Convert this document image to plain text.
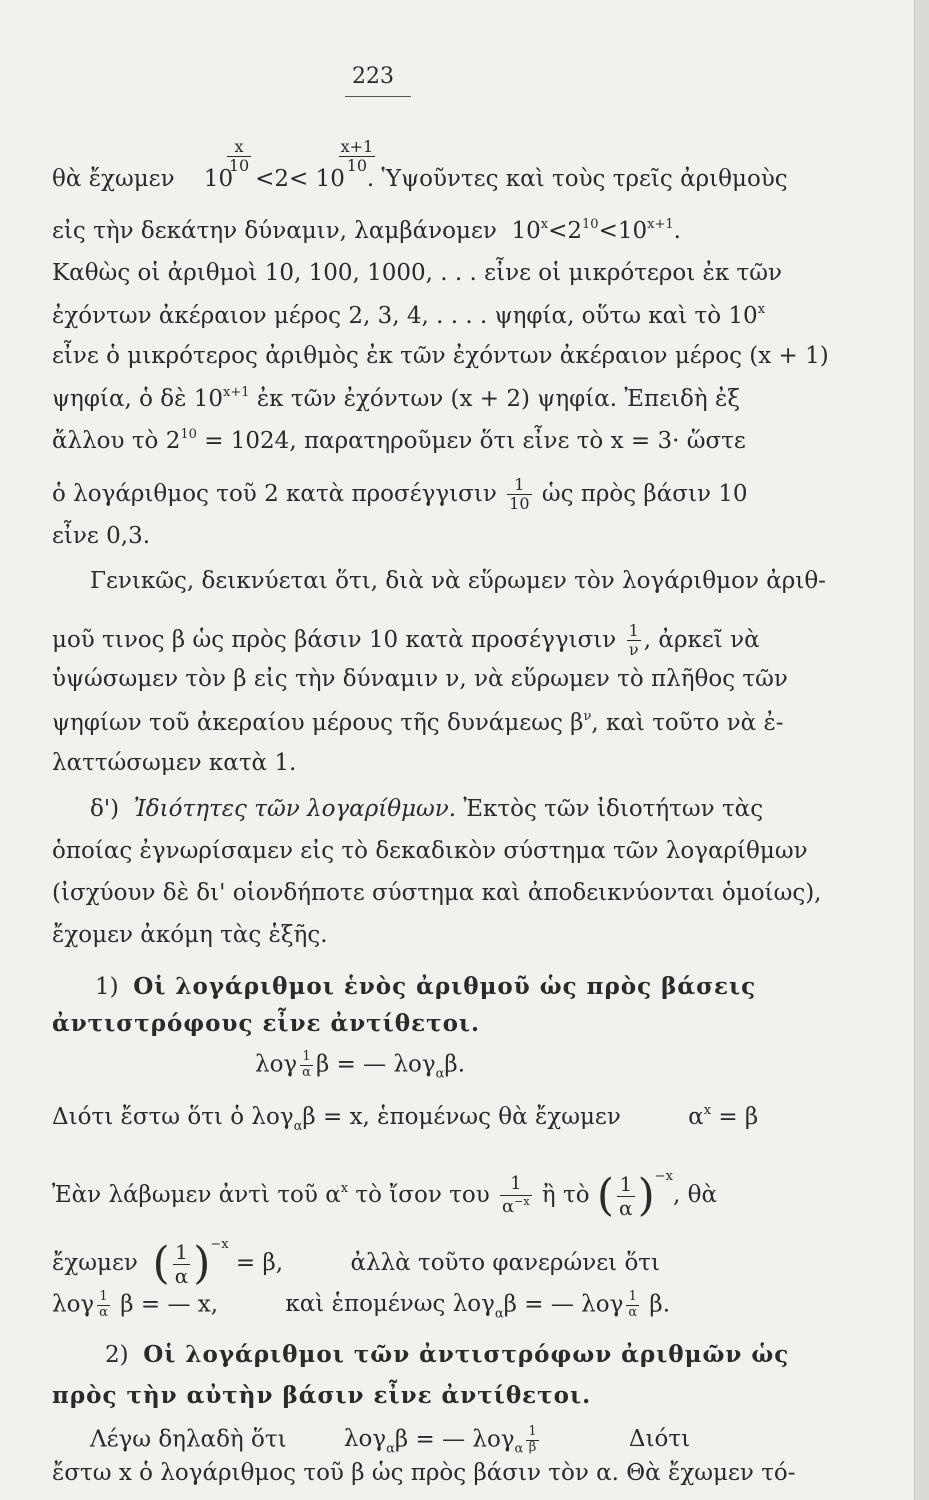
223
θὰ ἔχωμεν 10
$\frac{x}{10}$
<2< 10
$\frac{x+1}{10}$
. Ὑψοῦντες καὶ τοὺς τρεῖς ἀριθμοὺς
εἰς τὴν δεκάτην δύναμιν, λαμβάνομεν $10^x<2^{10}<10^{x+1}$.
Καθὼς οἱ ἀριθμοὶ 10, 100, 1000, . . . εἶνε οἱ μικρότεροι ἐκ τῶν
ἐχόντων ἀκέραιον μέρος 2, 3, 4, . . . . ψηφία, οὕτω καὶ τὸ 10$^x$
εἶνε ὁ μικρότερος ἀριθμὸς ἐκ τῶν ἐχόντων ἀκέραιον μέρος (x + 1)
ψηφία, ὁ δὲ $10^{x+1}$ ἐκ τῶν ἐχόντων (x + 2) ψηφία. Ἐπειδὴ ἐξ
ἄλλου τὸ $2^{10} = 1024$, παρατηροῦμεν ὅτι εἶνε τὸ x = 3· ὥστε
ὁ λογάριθμος τοῦ 2 κατὰ προσέγγισιν $\frac{1}{10}$ ὡς πρὸς βάσιν 10
εἶνε 0,3.
Γενικῶς, δεικνύεται ὅτι, διὰ νὰ εὕρωμεν τὸν λογάριθμον ἀριθ-
μοῦ τινος β ὡς πρὸς βάσιν 10 κατὰ προσέγγισιν $\frac{1}{\nu}$ , ἀρκεῖ νὰ
ὑψώσωμεν τὸν β εἰς τὴν δύναμιν ν, νὰ εὕρωμεν τὸ πλῆθος τῶν
ψηφίων τοῦ ἀκεραίου μέρους τῆς δυνάμεως $\beta^\nu$, καὶ τοῦτο νὰ ἐ-
λαττώσωμεν κατὰ 1.
δ') Ἰδιότητες τῶν λογαρίθμων. Ἐκτὸς τῶν ἰδιοτήτων τὰς
ὁποίας ἐγνωρίσαμεν εἰς τὸ δεκαδικὸν σύστημα τῶν λογαρίθμων
(ἰσχύουν δὲ δι' οἱονδήποτε σύστημα καὶ ἀποδεικνύονται ὁμοίως),
ἔχομεν ἀκόμη τὰς ἑξῆς.
1) Οἱ λογάριθμοι ἑνὸς ἀριθμοῦ ὡς πρὸς βάσεις
ἀντιστρόφους εἶνε ἀντίθετοι.
λογ $\frac{1}{\alpha}$ β = — λογ$_\alpha$β.
Διότι ἔστω ὅτι ὁ λογ$_\alpha$β = x, ἑπομένως θὰ ἔχωμεν	$\alpha^x = \beta$
Ἐὰν λάβωμεν ἀντὶ τοῦ $\alpha^x$ τὸ ἴσον του $\frac{1}{\alpha^{-x}}$ ἢ τὸ ( $\frac{1}{\alpha} )^{-x}$, θὰ
ἔχωμεν ( $\frac{1}{\alpha} )^{-x} = \beta$,	ἀλλὰ τοῦτο φανερώνει ὅτι
λογ $\frac{1}{\alpha}$ β = — x,	καὶ ἑπομένως λογ$_\alpha$β = — λογ $\frac{1}{\alpha} \beta$.
2) Οἱ λογάριθμοι τῶν ἀντιστρόφων ἀριθμῶν ὡς
πρὸς τὴν αὐτὴν βάσιν εἶνε ἀντίθετοι.
Λέγω δηλαδὴ ὅτι λογ$_\alpha$β = — $\lambda o\gamma_\alpha \frac{1}{\beta}$	Διότι
ἔστω x ὁ λογάριθμος τοῦ β ὡς πρὸς βάσιν τὸν α. Θὰ ἔχωμεν τό-
